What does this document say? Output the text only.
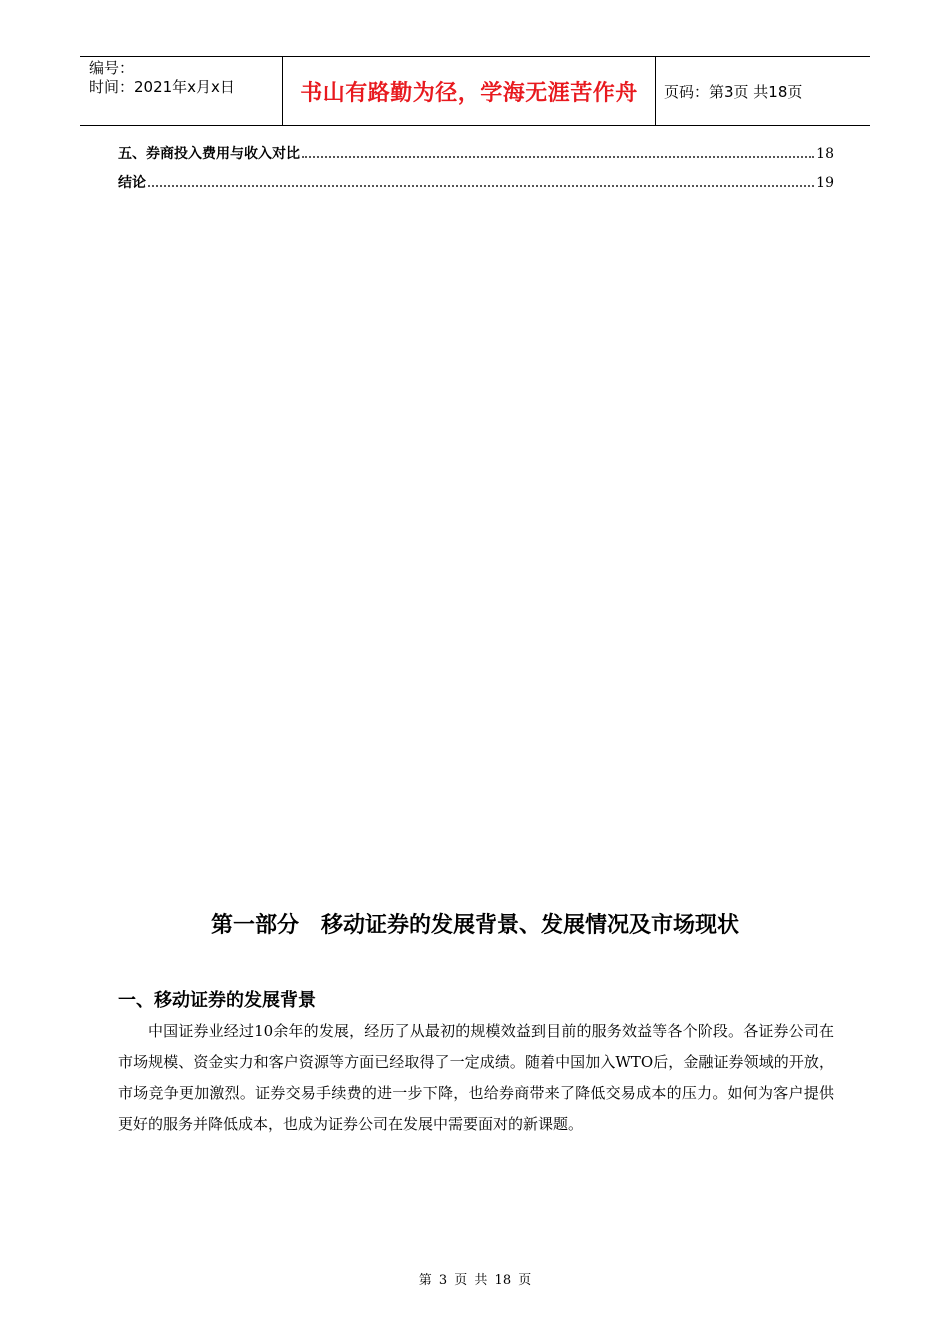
编号：
时间：2021年x月x日	书山有路勤为径，学海无涯苦作舟	页码：第3页 共18页
五、券商投入费用与收入对比	18
结论	19
第一部分　移动证券的发展背景、发展情况及市场现状
一、移动证券的发展背景
中国证券业经过10余年的发展，经历了从最初的规模效益到目前的服务效益等各个阶段。各证券公司在市场规模、资金实力和客户资源等方面已经取得了一定成绩。随着中国加入WTO后，金融证券领域的开放，市场竞争更加激烈。证券交易手续费的进一步下降，也给券商带来了降低交易成本的压力。如何为客户提供更好的服务并降低成本，也成为证券公司在发展中需要面对的新课题。
第 3 页 共 18 页
